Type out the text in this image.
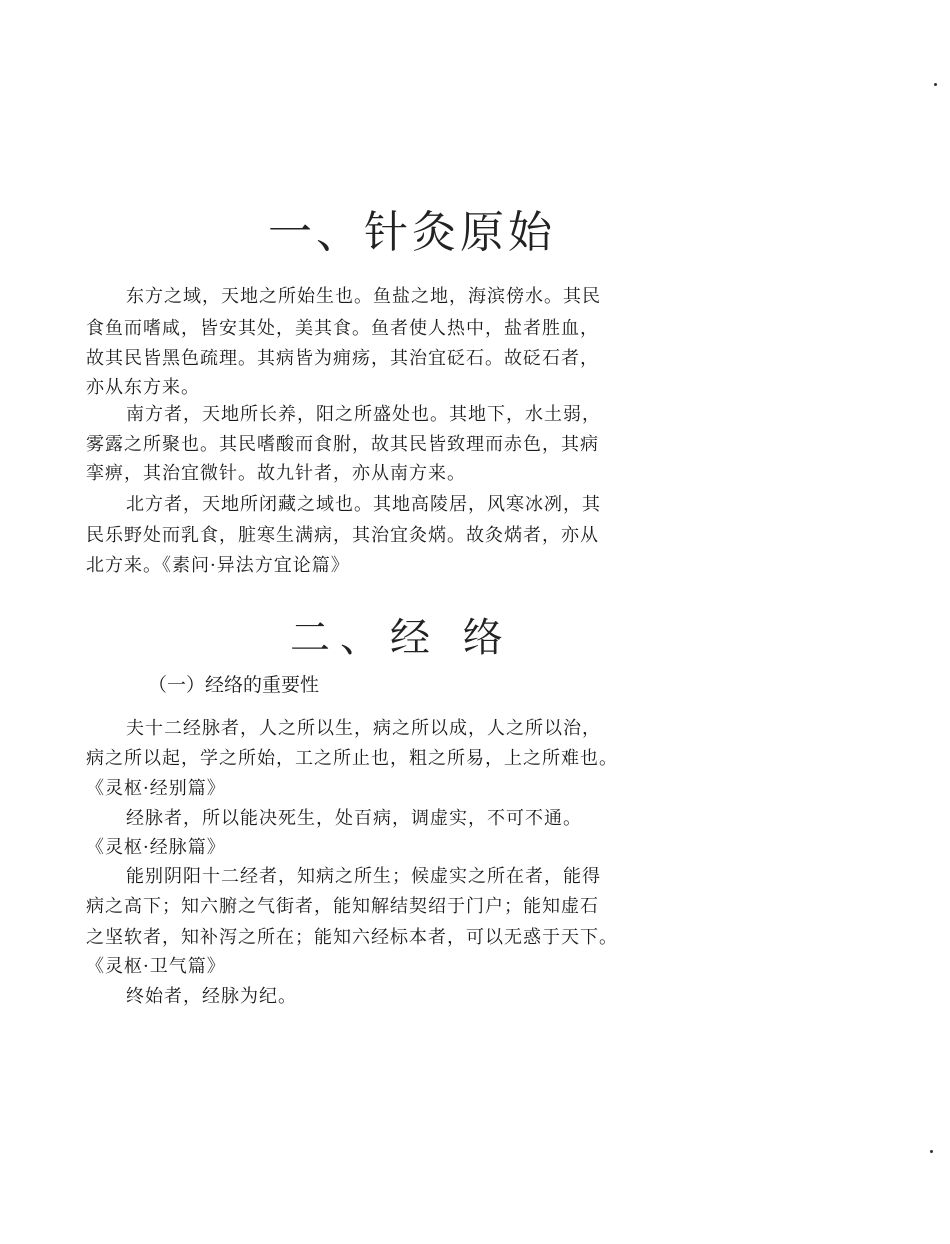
一、针灸原始
东方之域，天地之所始生也。鱼盐之地，海滨傍水。其民
食鱼而嗜咸，皆安其处，美其食。鱼者使人热中，盐者胜血，
故其民皆黑色疏理。其病皆为痈疡，其治宜砭石。故砭石者，
亦从东方来。
南方者，天地所长养，阳之所盛处也。其地下，水土弱，
雾露之所聚也。其民嗜酸而食胕，故其民皆致理而赤色，其病
挛痹，其治宜微针。故九针者，亦从南方来。
北方者，天地所闭藏之域也。其地高陵居，风寒冰冽，其
民乐野处而乳食，脏寒生满病，其治宜灸焫。故灸焫者，亦从
北方来。《素问·异法方宜论篇》
二、经 络
（一）经络的重要性
夫十二经脉者，人之所以生，病之所以成，人之所以治，
病之所以起，学之所始，工之所止也，粗之所易，上之所难也。
《灵枢·经别篇》
经脉者，所以能决死生，处百病，调虚实，不可不通。
《灵枢·经脉篇》
能别阴阳十二经者，知病之所生；候虚实之所在者，能得
病之高下；知六腑之气街者，能知解结契绍于门户；能知虚石
之坚软者，知补泻之所在；能知六经标本者，可以无惑于天下。
《灵枢·卫气篇》
终始者，经脉为纪。
